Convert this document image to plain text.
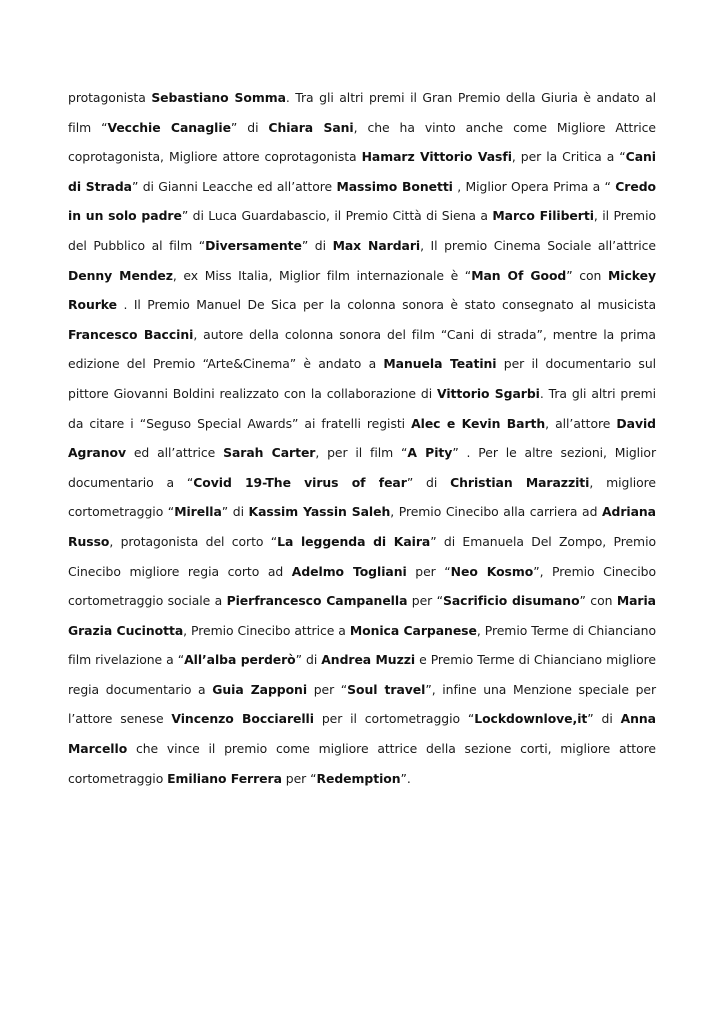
protagonista Sebastiano Somma. Tra gli altri premi il Gran Premio della Giuria è andato al film “Vecchie Canaglie” di Chiara Sani, che ha vinto anche come Migliore Attrice coprotagonista, Migliore attore coprotagonista Hamarz Vittorio Vasfi, per la Critica a “Cani di Strada” di Gianni Leacche ed all’attore Massimo Bonetti , Miglior Opera Prima a “ Credo in un solo padre” di Luca Guardabascio, il Premio Città di Siena a Marco Filiberti, il Premio del Pubblico al film “Diversamente” di Max Nardari, Il premio Cinema Sociale all’attrice Denny Mendez, ex Miss Italia, Miglior film internazionale è “Man Of Good” con Mickey Rourke . Il Premio Manuel De Sica per la colonna sonora è stato consegnato al musicista Francesco Baccini, autore della colonna sonora del film “Cani di strada”, mentre la prima edizione del Premio “Arte&Cinema” è andato a Manuela Teatini per il documentario sul pittore Giovanni Boldini realizzato con la collaborazione di Vittorio Sgarbi. Tra gli altri premi da citare i “Seguso Special Awards” ai fratelli registi Alec e Kevin Barth, all’attore David Agranov ed all’attrice Sarah Carter, per il film “A Pity” . Per le altre sezioni, Miglior documentario a “Covid 19-The virus of fear” di Christian Marazziti, migliore cortometraggio “Mirella” di Kassim Yassin Saleh, Premio Cinecibo alla carriera ad Adriana Russo, protagonista del corto “La leggenda di Kaira” di Emanuela Del Zompo, Premio Cinecibo migliore regia corto ad Adelmo Togliani per “Neo Kosmo”, Premio Cinecibo cortometraggio sociale a Pierfrancesco Campanella per “Sacrificio disumano” con Maria Grazia Cucinotta, Premio Cinecibo attrice a Monica Carpanese, Premio Terme di Chianciano film rivelazione a “All’alba perderò” di Andrea Muzzi e Premio Terme di Chianciano migliore regia documentario a Guia Zapponi per “Soul travel”, infine una Menzione speciale per l’attore senese Vincenzo Bocciarelli per il cortometraggio “Lockdownlove,it” di Anna Marcello che vince il premio come migliore attrice della sezione corti, migliore attore cortometraggio Emiliano Ferrera per “Redemption”.
